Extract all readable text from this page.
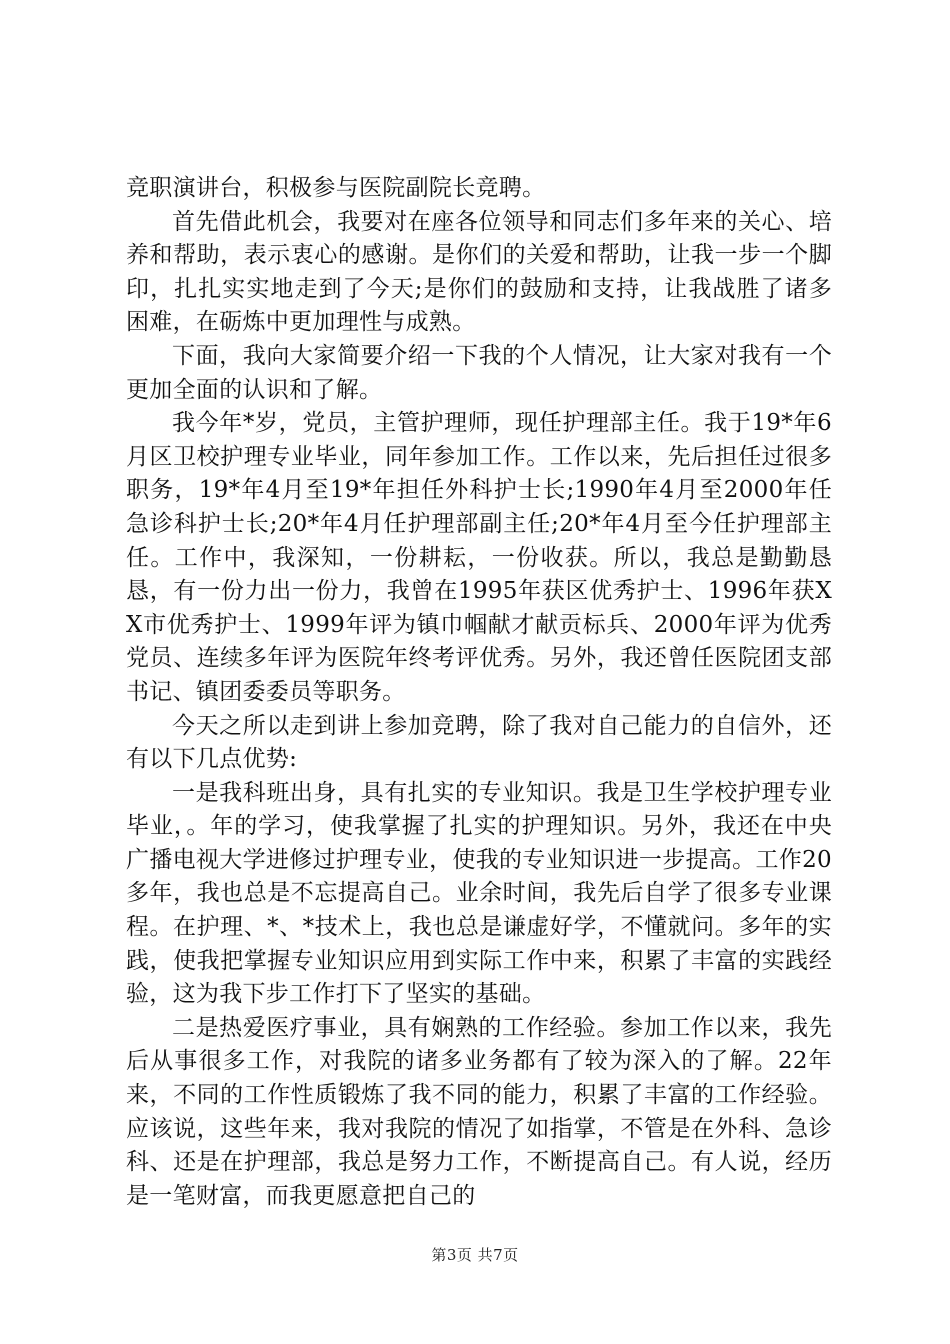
竞职演讲台，积极参与医院副院长竞聘。

首先借此机会，我要对在座各位领导和同志们多年来的关心、培养和帮助，表示衷心的感谢。是你们的关爱和帮助，让我一步一个脚印，扎扎实实地走到了今天;是你们的鼓励和支持，让我战胜了诸多困难，在砺炼中更加理性与成熟。

下面，我向大家简要介绍一下我的个人情况，让大家对我有一个更加全面的认识和了解。

我今年*岁，党员，主管护理师，现任护理部主任。我于19*年6月区卫校护理专业毕业，同年参加工作。工作以来，先后担任过很多职务，19*年4月至19*年担任外科护士长;1990年4月至2000年任急诊科护士长;20*年4月任护理部副主任;20*年4月至今任护理部主任。工作中，我深知，一份耕耘，一份收获。所以，我总是勤勤恳恳，有一份力出一份力，我曾在1995年获区优秀护士、1996年获XX市优秀护士、1999年评为镇巾帼献才献贡标兵、2000年评为优秀党员、连续多年评为医院年终考评优秀。另外，我还曾任医院团支部书记、镇团委委员等职务。

今天之所以走到讲上参加竞聘，除了我对自己能力的自信外，还有以下几点优势:

一是我科班出身，具有扎实的专业知识。我是卫生学校护理专业毕业，。年的学习，使我掌握了扎实的护理知识。另外，我还在中央广播电视大学进修过护理专业，使我的专业知识进一步提高。工作20多年，我也总是不忘提高自己。业余时间，我先后自学了很多专业课程。在护理、*、*技术上，我也总是谦虚好学，不懂就问。多年的实践，使我把掌握专业知识应用到实际工作中来，积累了丰富的实践经验，这为我下步工作打下了坚实的基础。

二是热爱医疗事业，具有娴熟的工作经验。参加工作以来，我先后从事很多工作，对我院的诸多业务都有了较为深入的了解。22年来，不同的工作性质锻炼了我不同的能力，积累了丰富的工作经验。应该说，这些年来，我对我院的情况了如指掌，不管是在外科、急诊科、还是在护理部，我总是努力工作，不断提高自己。有人说，经历是一笔财富，而我更愿意把自己的

第3页 共7页
